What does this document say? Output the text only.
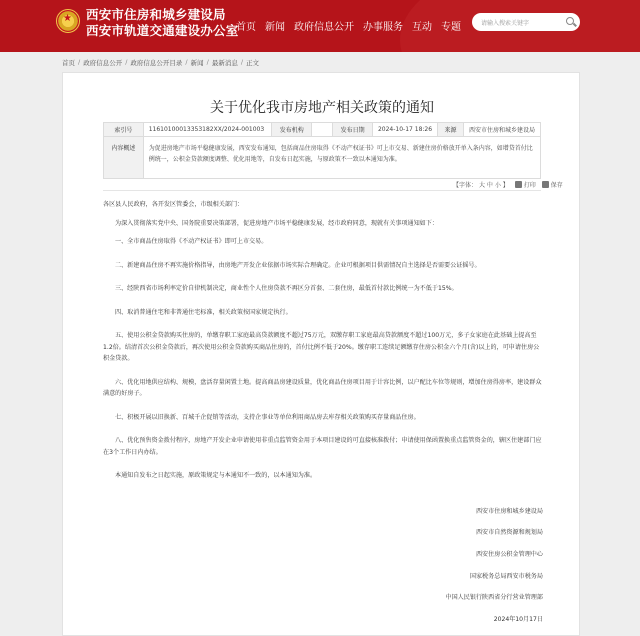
★
西安市住房和城乡建设局
西安市轨道交通建设办公室
首页 新闻 政府信息公开 办事服务 互动 专题	请输入搜索关键字
首页 / 政府信息公开 / 政府信息公开目录 / 新闻 / 最新消息 / 正文
关于优化我市房地产相关政策的通知
索引号	11610100013353182XX/2024-001003	发布机构		发布日期	2024-10-17 18:26	来源	西安市住房和城乡建设局
内容概述	为促进房地产市场平稳健康发展，西安发布通知，包括商品住房取得《不动产权证书》可上市交易、新建住房价格放开单入条内容，如增贷首付比例统一，公积金贷款额度调整、优化用地等，自发布日起实施，与原政策不一致以本通知为准。						
【字体： 大 中 小 】	打印	保存

各区县人民政府，各开发区管委会，市级相关部门：

为深入贯彻落实党中央、国务院重要决策部署，促进房地产市场平稳健康发展，经市政府同意，现就有关事项通知如下：

一、全市商品住房取得《不动产权证书》即可上市交易。

二、新建商品住房不再实施价格指导，由房地产开发企业依据市场实际合理确定。企业可根据项目供需情况自主选择是否需要公证摇号。

三、经陕西省市场利率定价自律机制决定，商业性个人住房贷款不再区分首套、二套住房，最低首付款比例统一为不低于15%。

四、取消普通住宅和非普通住宅标准，相关政策按国家规定执行。

五、使用公积金贷款购买住房的，单缴存职工家庭最高贷款额度不超过75万元，双缴存职工家庭最高贷款额度不超过100万元，多子女家庭在此基础上提高至1.2倍。结清首次公积金贷款后，再次使用公积金贷款购买商品住房的，首付比例不低于20%。缴存职工连续足额缴存住房公积金六个月(含)以上的，可申请住房公积金贷款。

六、优化用地供应结构、规模，盘活存量闲置土地。提高商品房建设质量，优化商品住房项目用于计容比例，以户配比车位等规则，增加住房得房率，建设群众满意的好房子。

七、积极开展以旧换新、百城千企促销等活动，支持企事业等单位利用商品房去库存相关政策购买存量商品住房。

八、优化预售资金拨付程序，房地产开发企业申请使用非重点监管资金用于本项目建设的可直接核准拨付；申请使用保函置换重点监管资金的，辖区住建部门应在3个工作日内办结。

本通知自发布之日起实施，原政策规定与本通知不一致的，以本通知为准。

西安市住房和城乡建设局
西安市自然资源和规划局
西安住房公积金管理中心
国家税务总局西安市税务局
中国人民银行陕西省分行营业管理部
2024年10月17日
